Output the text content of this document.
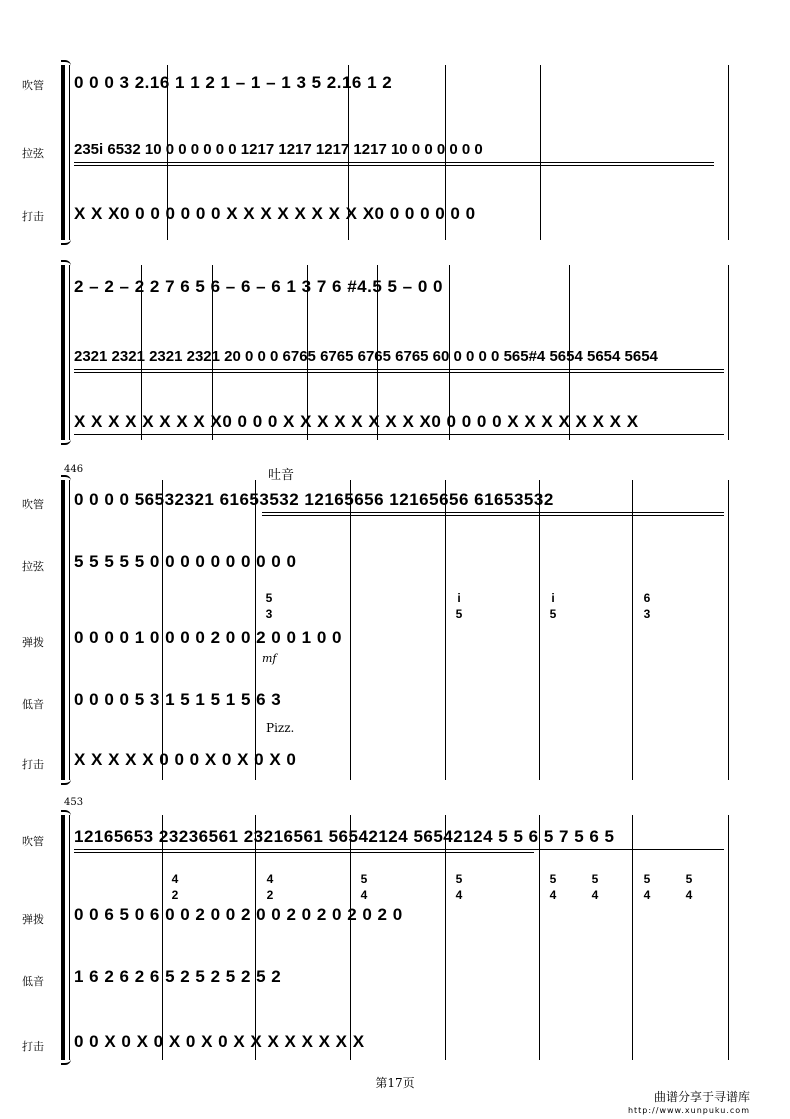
吹管	0 0 0 3 2.16 1 1 2 1 – 1 – 1 3 5 2.16 1 2
拉弦	235i 6532 10 0 0 0 0 0 0 1217 1217 1217 1217 10 0 0 0 0 0 0
打击	X X X0 0 0 0 0 0 0 X X X X X X X X X0 0 0 0 0 0 0
2 – 2 – 2 2 7 6 5 6 – 6 – 6 1 3 7 6 #4.5 5 – 0 0
2321 2321 2321 2321 20 0 0 0 6765 6765 6765 6765 60 0 0 0 0 565#4 5654 5654 5654
X X X X X X X X X0 0 0 0 X X X X X X X X X0 0 0 0 0 X X X X X X X X
446	吐音
吹管	0 0 0 0 56532321 61653532 12165656 12165656 61653532
拉弦	5 5 5 5 5 0 0 0 0 0 0 0 0 0 0
5
3
i
5
i
5
6
3
弹拨	0 0 0 0 1 0 0 0 0 2 0 0 2 0 0 1 0 0
mf
低音	0 0 0 0 5 3 1 5 1 5 1 5 6 3
Pizz.
打击	X X X X X 0 0 0 X 0 X 0 X 0
453
吹管	12165653 23236561 23216561 56542124 56542124 5 5 6 5 7 5 6 5
4
2
4
2
5
4
5
4
5
4
5
4
5
4
5
4
弹拨	0 0 6 5 0 6 0 0 2 0 0 2 0 0 2 0 2 0 2 0 2 0
低音	1 6 2 6 2 6 5 2 5 2 5 2 5 2
打击	0 0 X 0 X 0 X 0 X 0 X X X X X X X X
第17页
曲谱分享于寻谱库
http://www.xunpuku.com
